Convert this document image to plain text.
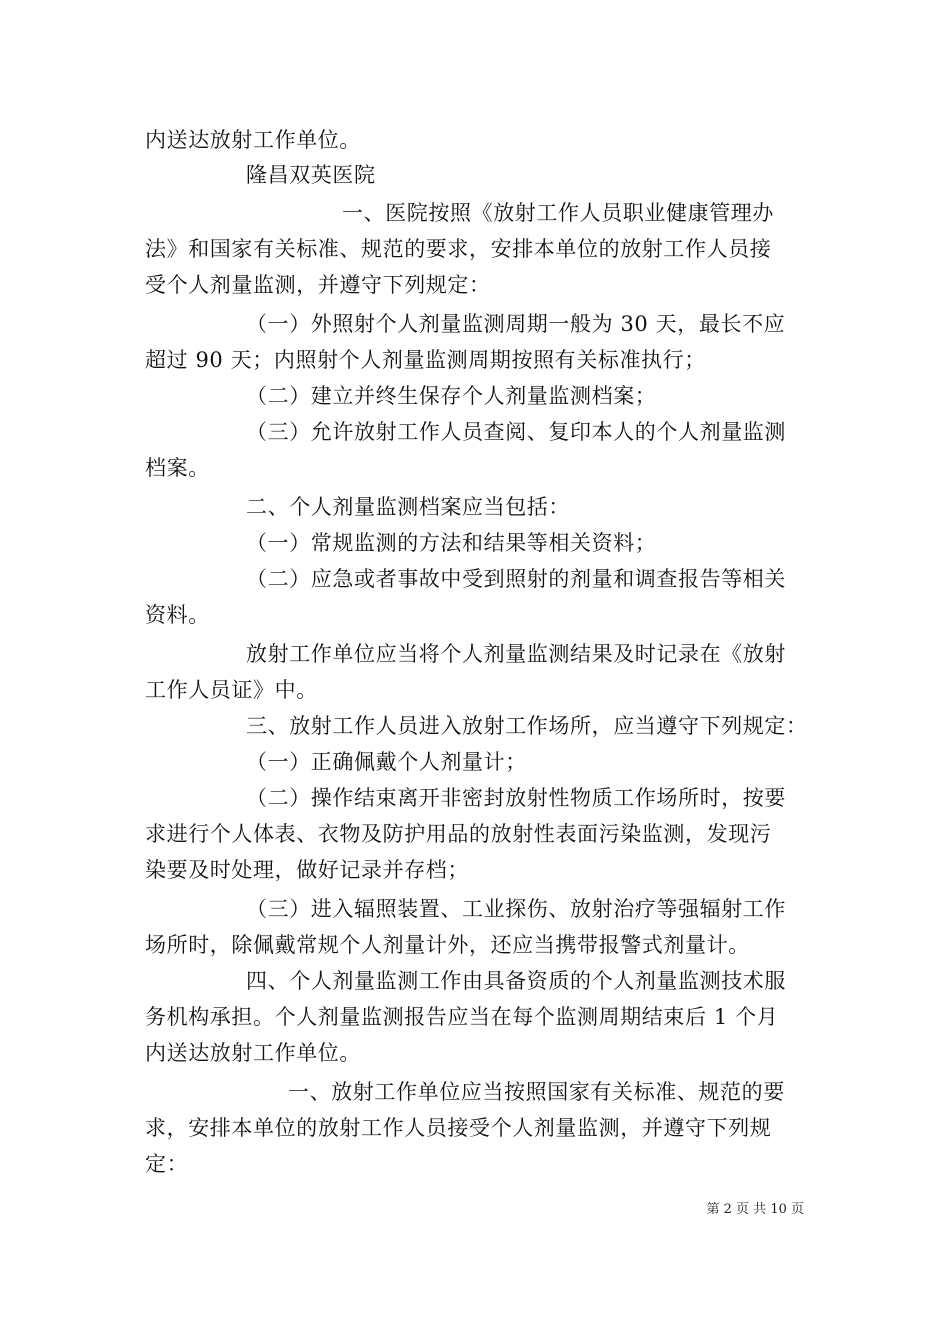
内送达放射工作单位。
隆昌双英医院
一、医院按照《放射工作人员职业健康管理办
法》和国家有关标准、规范的要求，安排本单位的放射工作人员接
受个人剂量监测，并遵守下列规定：
（一）外照射个人剂量监测周期一般为 30 天，最长不应
超过 90 天；内照射个人剂量监测周期按照有关标准执行；
（二）建立并终生保存个人剂量监测档案；
（三）允许放射工作人员查阅、复印本人的个人剂量监测
档案。
二、个人剂量监测档案应当包括：
（一）常规监测的方法和结果等相关资料；
（二）应急或者事故中受到照射的剂量和调查报告等相关
资料。
放射工作单位应当将个人剂量监测结果及时记录在《放射
工作人员证》中。
三、放射工作人员进入放射工作场所，应当遵守下列规定：
（一）正确佩戴个人剂量计；
（二）操作结束离开非密封放射性物质工作场所时，按要
求进行个人体表、衣物及防护用品的放射性表面污染监测，发现污
染要及时处理，做好记录并存档；
（三）进入辐照装置、工业探伤、放射治疗等强辐射工作
场所时，除佩戴常规个人剂量计外，还应当携带报警式剂量计。
四、个人剂量监测工作由具备资质的个人剂量监测技术服
务机构承担。个人剂量监测报告应当在每个监测周期结束后 1 个月
内送达放射工作单位。
一、放射工作单位应当按照国家有关标准、规范的要
求，安排本单位的放射工作人员接受个人剂量监测，并遵守下列规
定：
第 2 页 共 10 页
